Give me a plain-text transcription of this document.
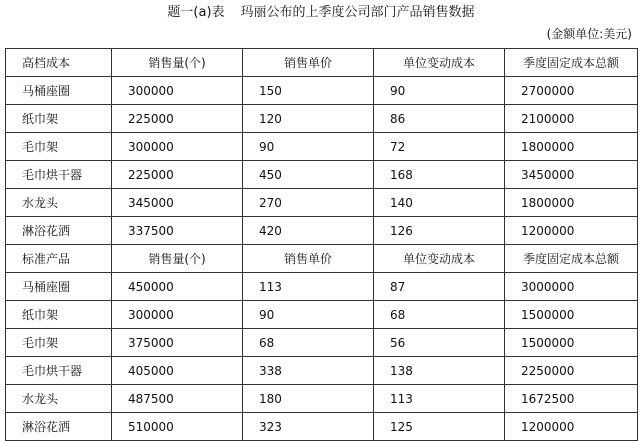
题一(a)表 玛丽公布的上季度公司部门产品销售数据
(金额单位:美元)
高档成本	销售量(个)	销售单价	单位变动成本	季度固定成本总额
马桶座圈	300000	150	90	2700000
纸巾架	225000	120	86	2100000
毛巾架	300000	90	72	1800000
毛巾烘干器	225000	450	168	3450000
水龙头	345000	270	140	1800000
淋浴花洒	337500	420	126	1200000
标准产品	销售量(个)	销售单价	单位变动成本	季度固定成本总额
马桶座圈	450000	113	87	3000000
纸巾架	300000	90	68	1500000
毛巾架	375000	68	56	1500000
毛巾烘干器	405000	338	138	2250000
水龙头	487500	180	113	1672500
淋浴花洒	510000	323	125	1200000
